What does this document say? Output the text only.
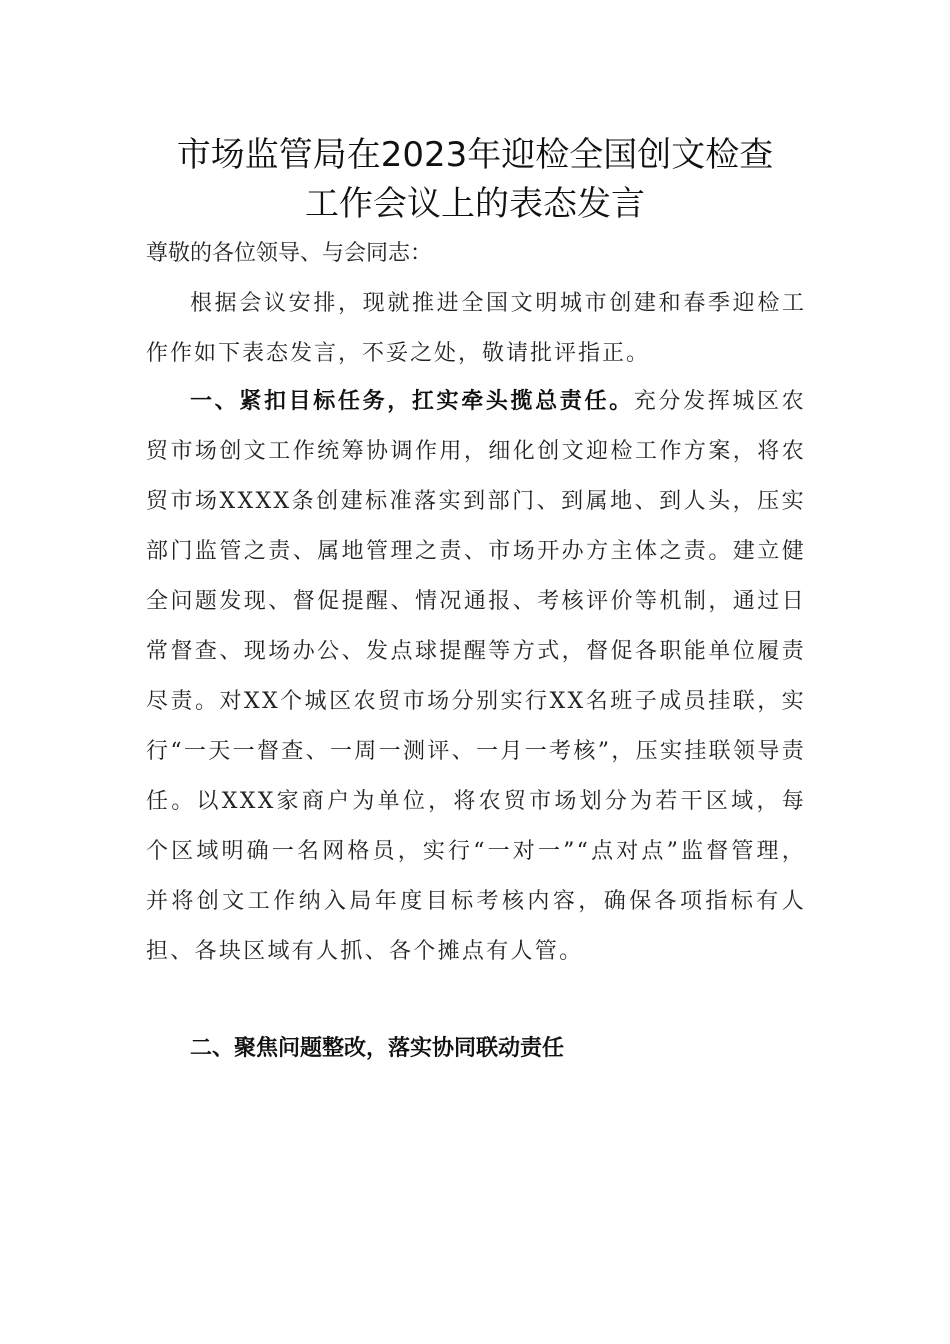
市场监管局在2023年迎检全国创文检查
工作会议上的表态发言
尊敬的各位领导、与会同志：
根据会议安排，现就推进全国文明城市创建和春季迎检工作作如下表态发言，不妥之处，敬请批评指正。
一、紧扣目标任务，扛实牵头揽总责任。充分发挥城区农贸市场创文工作统筹协调作用，细化创文迎检工作方案，将农贸市场XXXX条创建标准落实到部门、到属地、到人头，压实部门监管之责、属地管理之责、市场开办方主体之责。建立健全问题发现、督促提醒、情况通报、考核评价等机制，通过日常督查、现场办公、发点球提醒等方式，督促各职能单位履责尽责。对XX个城区农贸市场分别实行XX名班子成员挂联，实行“一天一督查、一周一测评、一月一考核”，压实挂联领导责任。以XXX家商户为单位，将农贸市场划分为若干区域，每个区域明确一名网格员，实行“一对一”“点对点”监督管理，并将创文工作纳入局年度目标考核内容，确保各项指标有人担、各块区域有人抓、各个摊点有人管。
二、聚焦问题整改，落实协同联动责任
